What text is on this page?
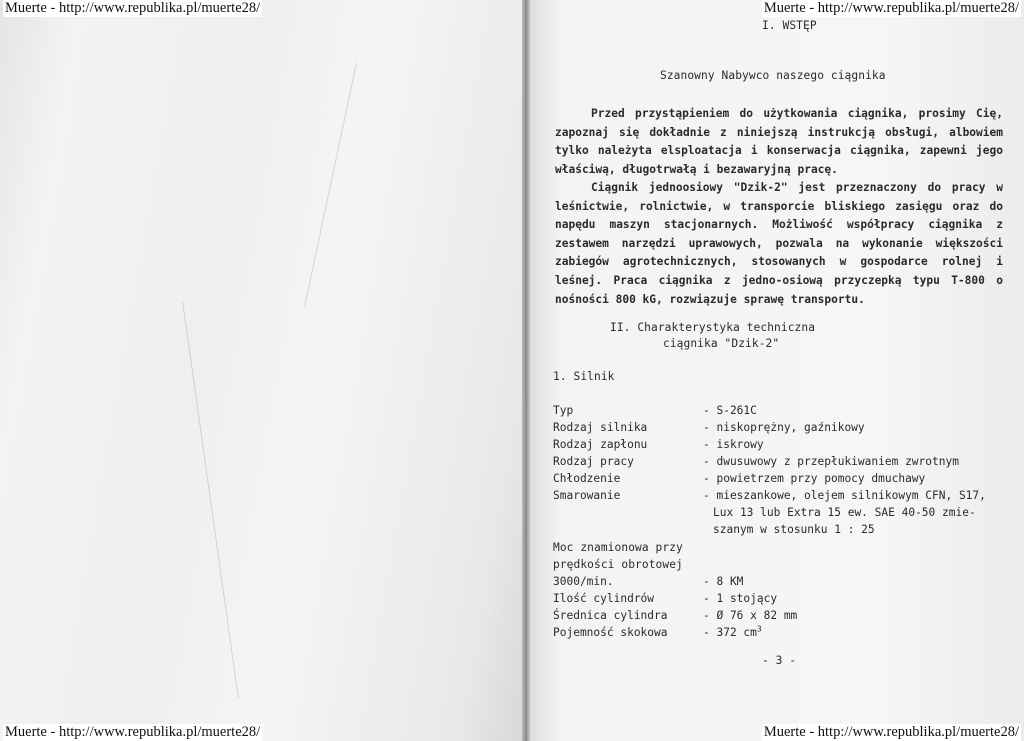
Muerte - http://www.republika.pl/muerte28/	Muerte - http://www.republika.pl/muerte28/
Muerte - http://www.republika.pl/muerte28/	Muerte - http://www.republika.pl/muerte28/
I. WSTĘP
Szanowny Nabywco naszego ciągnika

Przed przystąpieniem do użytkowania ciągnika, prosimy Cię, zapoznaj się dokładnie z niniejszą instrukcją obsługi, albowiem tylko należyta elsploatacja i konserwacja ciągnika, zapewni jego właściwą, długotrwałą i bezawaryjną pracę.

Ciągnik jednoosiowy "Dzik-2" jest przeznaczony do pracy w leśnictwie, rolnictwie, w transporcie bliskiego zasięgu oraz do napędu maszyn stacjonarnych. Możliwość współpracy ciągnika z zestawem narzędzi uprawowych, pozwala na wykonanie większości zabiegów agrotechnicznych, stosowanych w gospodarce rolnej i leśnej. Praca ciągnika z jedno-osiową przyczepką typu T-800 o nośności 800 kG, rozwiązuje sprawę transportu.

II. Charakterystyka techniczna
ciągnika "Dzik-2"
1. Silnik
Typ	- S-261C
Rodzaj silnika	- niskoprężny, gaźnikowy
Rodzaj zapłonu	- iskrowy
Rodzaj pracy	- dwusuwowy z przepłukiwaniem zwrotnym
Chłodzenie	- powietrzem przy pomocy dmuchawy
Smarowanie	- mieszankowe, olejem silnikowym CFN, S17,
Lux 13 lub Extra 15 ew. SAE 40-50 zmie-
szanym w stosunku 1 : 25
Moc znamionowa przy
prędkości obrotowej
3000/min.	- 8 KM
Ilość cylindrów	- 1 stojący
Średnica cylindra	- Ø 76 x 82 mm
Pojemność skokowa	- 372 $cm^3$
- 3 -
